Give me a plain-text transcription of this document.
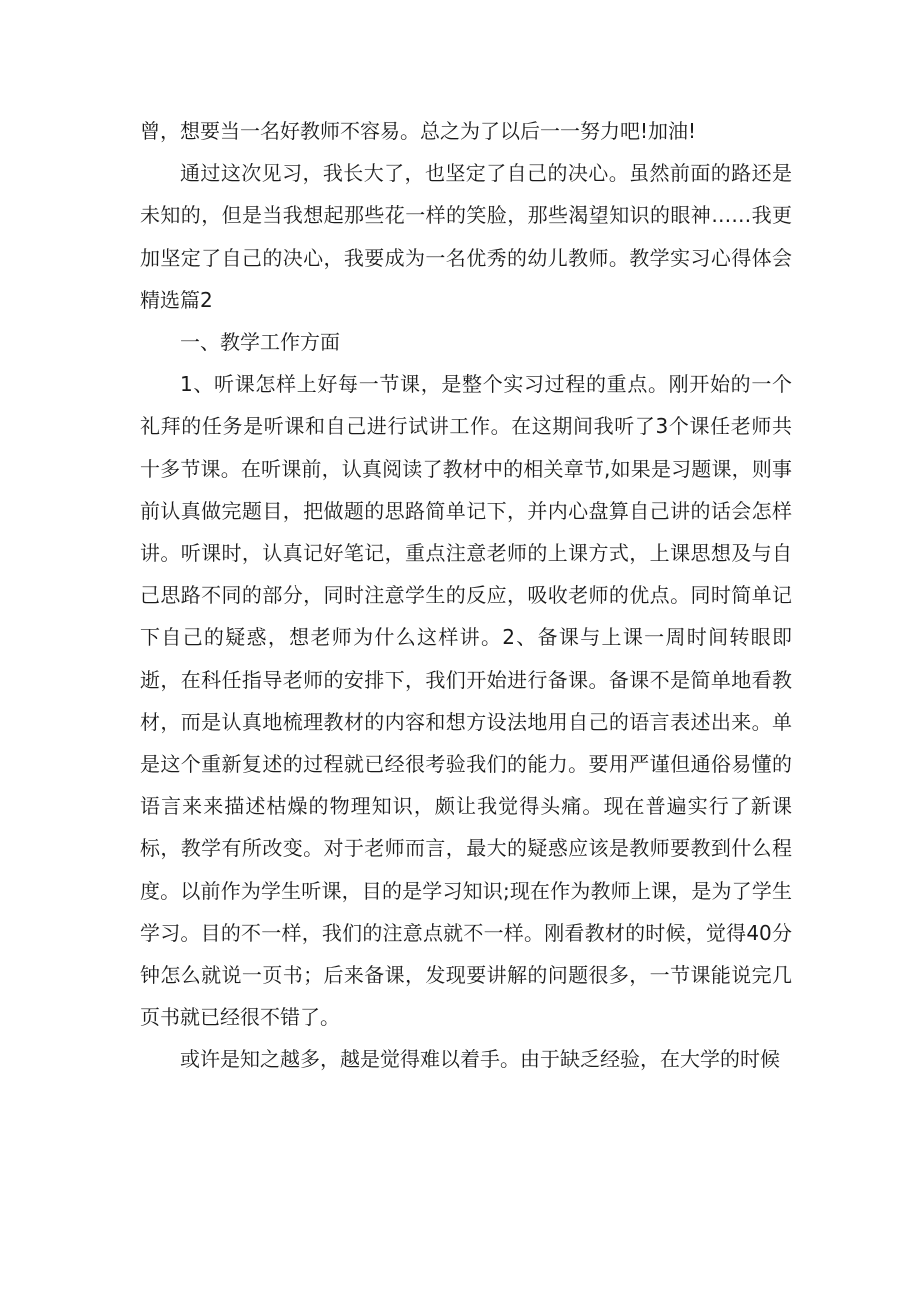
曾，想要当一名好教师不容易。总之为了以后一一努力吧!加油!

通过这次见习，我长大了，也坚定了自己的决心。虽然前面的路还是未知的，但是当我想起那些花一样的笑脸，那些渴望知识的眼神……我更加坚定了自己的决心，我要成为一名优秀的幼儿教师。教学实习心得体会精选篇2

一、教学工作方面

1、听课怎样上好每一节课，是整个实习过程的重点。刚开始的一个礼拜的任务是听课和自己进行试讲工作。在这期间我听了3个课任老师共十多节课。在听课前，认真阅读了教材中的相关章节,如果是习题课，则事前认真做完题目，把做题的思路简单记下，并内心盘算自己讲的话会怎样讲。听课时，认真记好笔记，重点注意老师的上课方式，上课思想及与自己思路不同的部分，同时注意学生的反应，吸收老师的优点。同时简单记下自己的疑惑，想老师为什么这样讲。2、备课与上课一周时间转眼即逝，在科任指导老师的安排下，我们开始进行备课。备课不是简单地看教材，而是认真地梳理教材的内容和想方设法地用自己的语言表述出来。单是这个重新复述的过程就已经很考验我们的能力。要用严谨但通俗易懂的语言来来描述枯燥的物理知识，颇让我觉得头痛。现在普遍实行了新课标，教学有所改变。对于老师而言，最大的疑惑应该是教师要教到什么程度。以前作为学生听课，目的是学习知识;现在作为教师上课，是为了学生学习。目的不一样，我们的注意点就不一样。刚看教材的时候，觉得40分钟怎么就说一页书；后来备课，发现要讲解的问题很多，一节课能说完几页书就已经很不错了。

或许是知之越多，越是觉得难以着手。由于缺乏经验，在大学的时候
